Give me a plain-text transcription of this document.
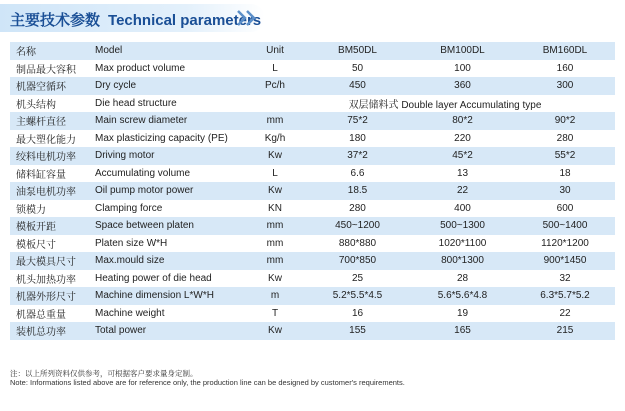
主要技术参数 Technical parameters
名称	Model	Unit	BM50DL	BM100DL	BM160DL
制品最大容积	Max product volume	L	50	100	160
机器空循环	Dry cycle	Pc/h	450	360	300
机头结构	Die head structure	双层储料式 Double layer Accumulating type			
主螺杆直径	Main screw diameter	mm	75*2	80*2	90*2
最大塑化能力	Max plasticizing capacity (PE)	Kg/h	180	220	280
绞料电机功率	Driving motor	Kw	37*2	45*2	55*2
储料缸容量	Accumulating volume	L	6.6	13	18
油泵电机功率	Oil pump motor power	Kw	18.5	22	30
锁模力	Clamping force	KN	280	400	600
模板开距	Space between platen	mm	450~1200	500~1300	500~1400
模板尺寸	Platen size W*H	mm	880*880	1020*1100	1120*1200
最大模具尺寸	Max.mould size	mm	700*850	800*1300	900*1450
机头加热功率	Heating power of die head	Kw	25	28	32
机器外形尺寸	Machine dimension L*W*H	m	5.2*5.5*4.5	5.6*5.6*4.8	6.3*5.7*5.2
机器总重量	Machine weight	T	16	19	22
装机总功率	Total power	Kw	155	165	215
注：以上所列资料仅供参考，可根据客户要求量身定制。
Note: Informations listed above are for reference only, the production line can be designed by customer's requirements.
